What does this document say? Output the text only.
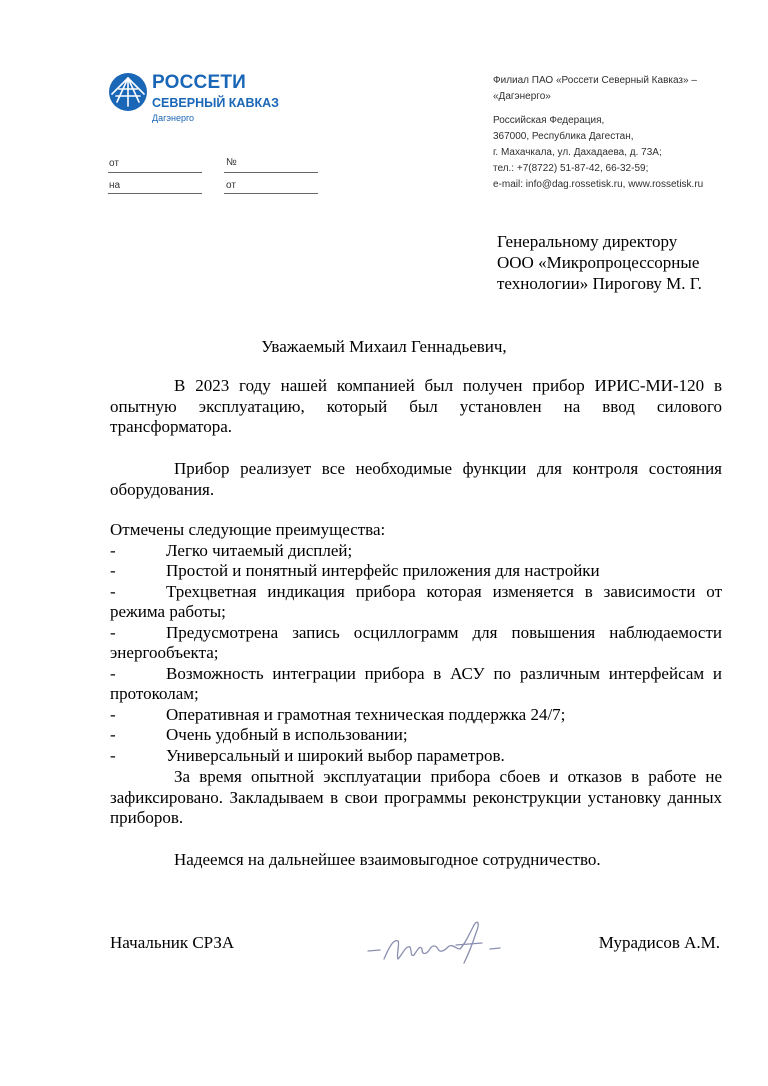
РОССЕТИ
СЕВЕРНЫЙ КАВКАЗ
Дагэнерго
от	№
на	от
Филиал ПАО «Россети Северный Кавказ» –
«Дагэнерго»
Российская Федерация,
367000, Республика Дагестан,
г. Махачкала, ул. Дахадаева, д. 73А;
тел.: +7(8722) 51-87-42, 66-32-59;
e-mail: info@dag.rossetisk.ru, www.rossetisk.ru
Генеральному директору
ООО «Микропроцессорные
технологии» Пирогову М. Г.
Уважаемый Михаил Геннадьевич,
В 2023 году нашей компанией был получен прибор ИРИС-МИ-120 в опытную эксплуатацию, который был установлен на ввод силового трансформатора.
Прибор реализует все необходимые функции для контроля состояния оборудования.
Отмечены следующие преимущества:
-	Легко читаемый дисплей;
-	Простой и понятный интерфейс приложения для настройки
-	Трехцветная индикация прибора которая изменяется в зависимости от режима работы;
-	Предусмотрена запись осциллограмм для повышения наблюдаемости энергообъекта;
-	Возможность интеграции прибора в АСУ по различным интерфейсам и протоколам;
-	Оперативная и грамотная техническая поддержка 24/7;
-	Очень удобный в использовании;
-	Универсальный и широкий выбор параметров.
За время опытной эксплуатации прибора сбоев и отказов в работе не зафиксировано. Закладываем в свои программы реконструкции установку данных приборов.
Надеемся на дальнейшее взаимовыгодное сотрудничество.
Начальник СРЗА	Мурадисов А.М.
